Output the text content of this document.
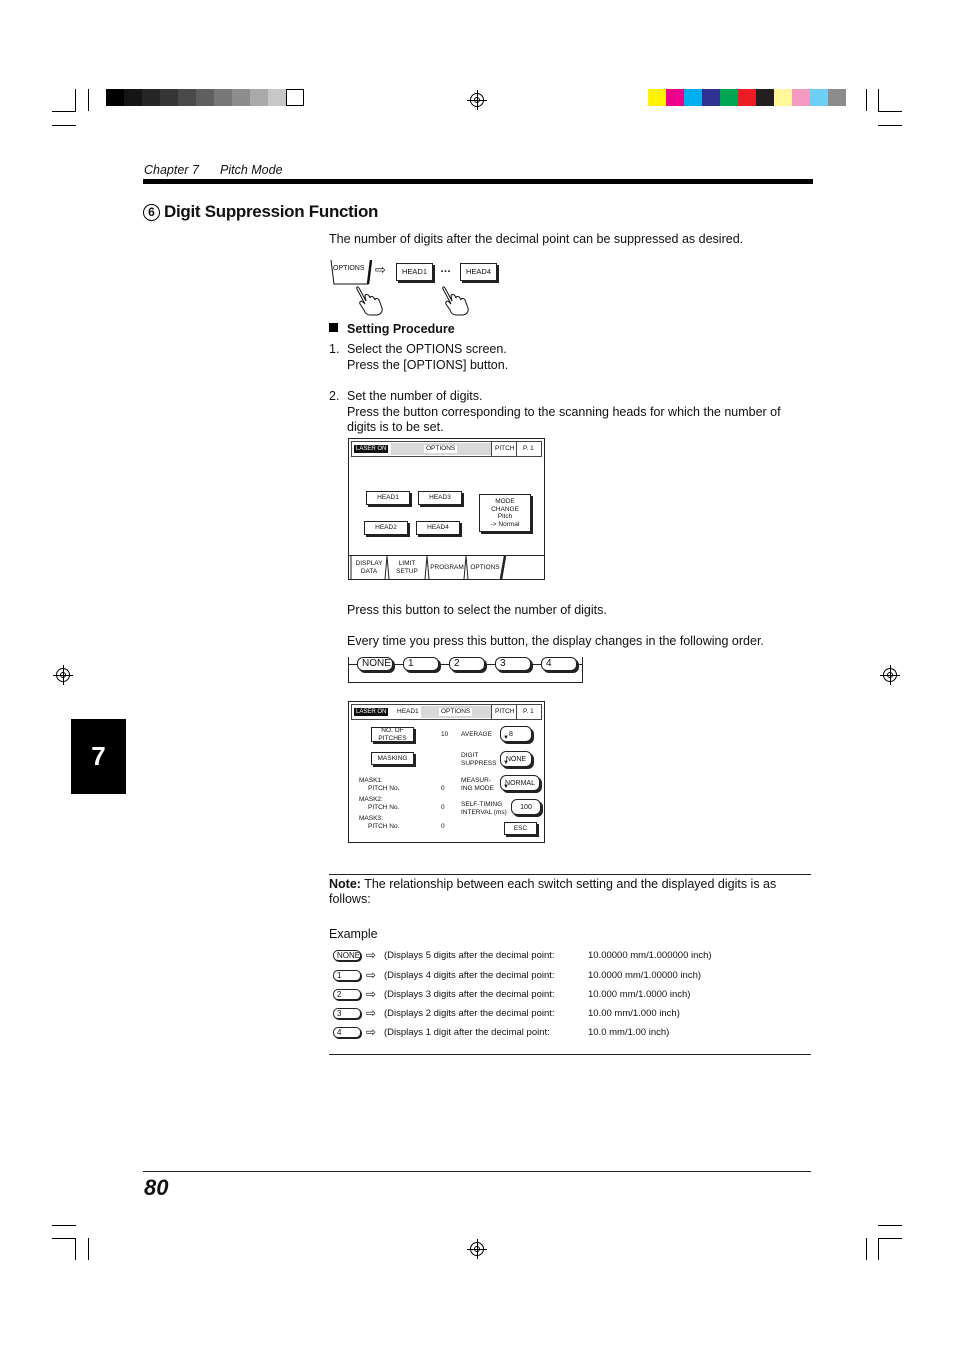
Chapter 7 Pitch Mode
6 Digit Suppression Function
The number of digits after the decimal point can be suppressed as desired.
OPTIONS ⇨	HEAD1	…	HEAD4
Setting Procedure
1. Select the OPTIONS screen.
Press the [OPTIONS] button.
2. Set the number of digits.
Press the button corresponding to the scanning heads for which the number of
digits is to be set.
LASER ON	OPTIONS	PITCH P. 1
HEAD1	HEAD3
HEAD2	HEAD4
MODE
CHANGE
Pitch
-> Normal
DISPLAY
DATA
LIMIT
SETUP	PROGRAM	OPTIONS
Press this button to select the number of digits.
Every time you press this button, the display changes in the following order.
NONE	1	2	3	4
LASER ON	HEAD1	OPTIONS	PITCH P. 1
NO. OF
PITCHES	10 AVERAGE 8
▼
MASKING	DIGIT
SUPPRESS
NONE
▼
MASK1:
PITCH No.	0
MEASUR-
ING MODE
NORMAL
▼
MASK2:
PITCH No.	0	SELF-TIMING
INTERVAL (ms)
100
MASK3:
PITCH No.	0	ESC
Note: The relationship between each switch setting and the displayed digits is as
follows:
Example
NONE ⇨ (Displays 5 digits after the decimal point:	10.00000 mm/1.000000 inch)
1	⇨ (Displays 4 digits after the decimal point:	10.0000 mm/1.00000 inch)
2	⇨ (Displays 3 digits after the decimal point:	10.000 mm/1.0000 inch)
3	⇨ (Displays 2 digits after the decimal point:	10.00 mm/1.000 inch)
4	⇨ (Displays 1 digit after the decimal point:	10.0 mm/1.00 inch)
7
80
